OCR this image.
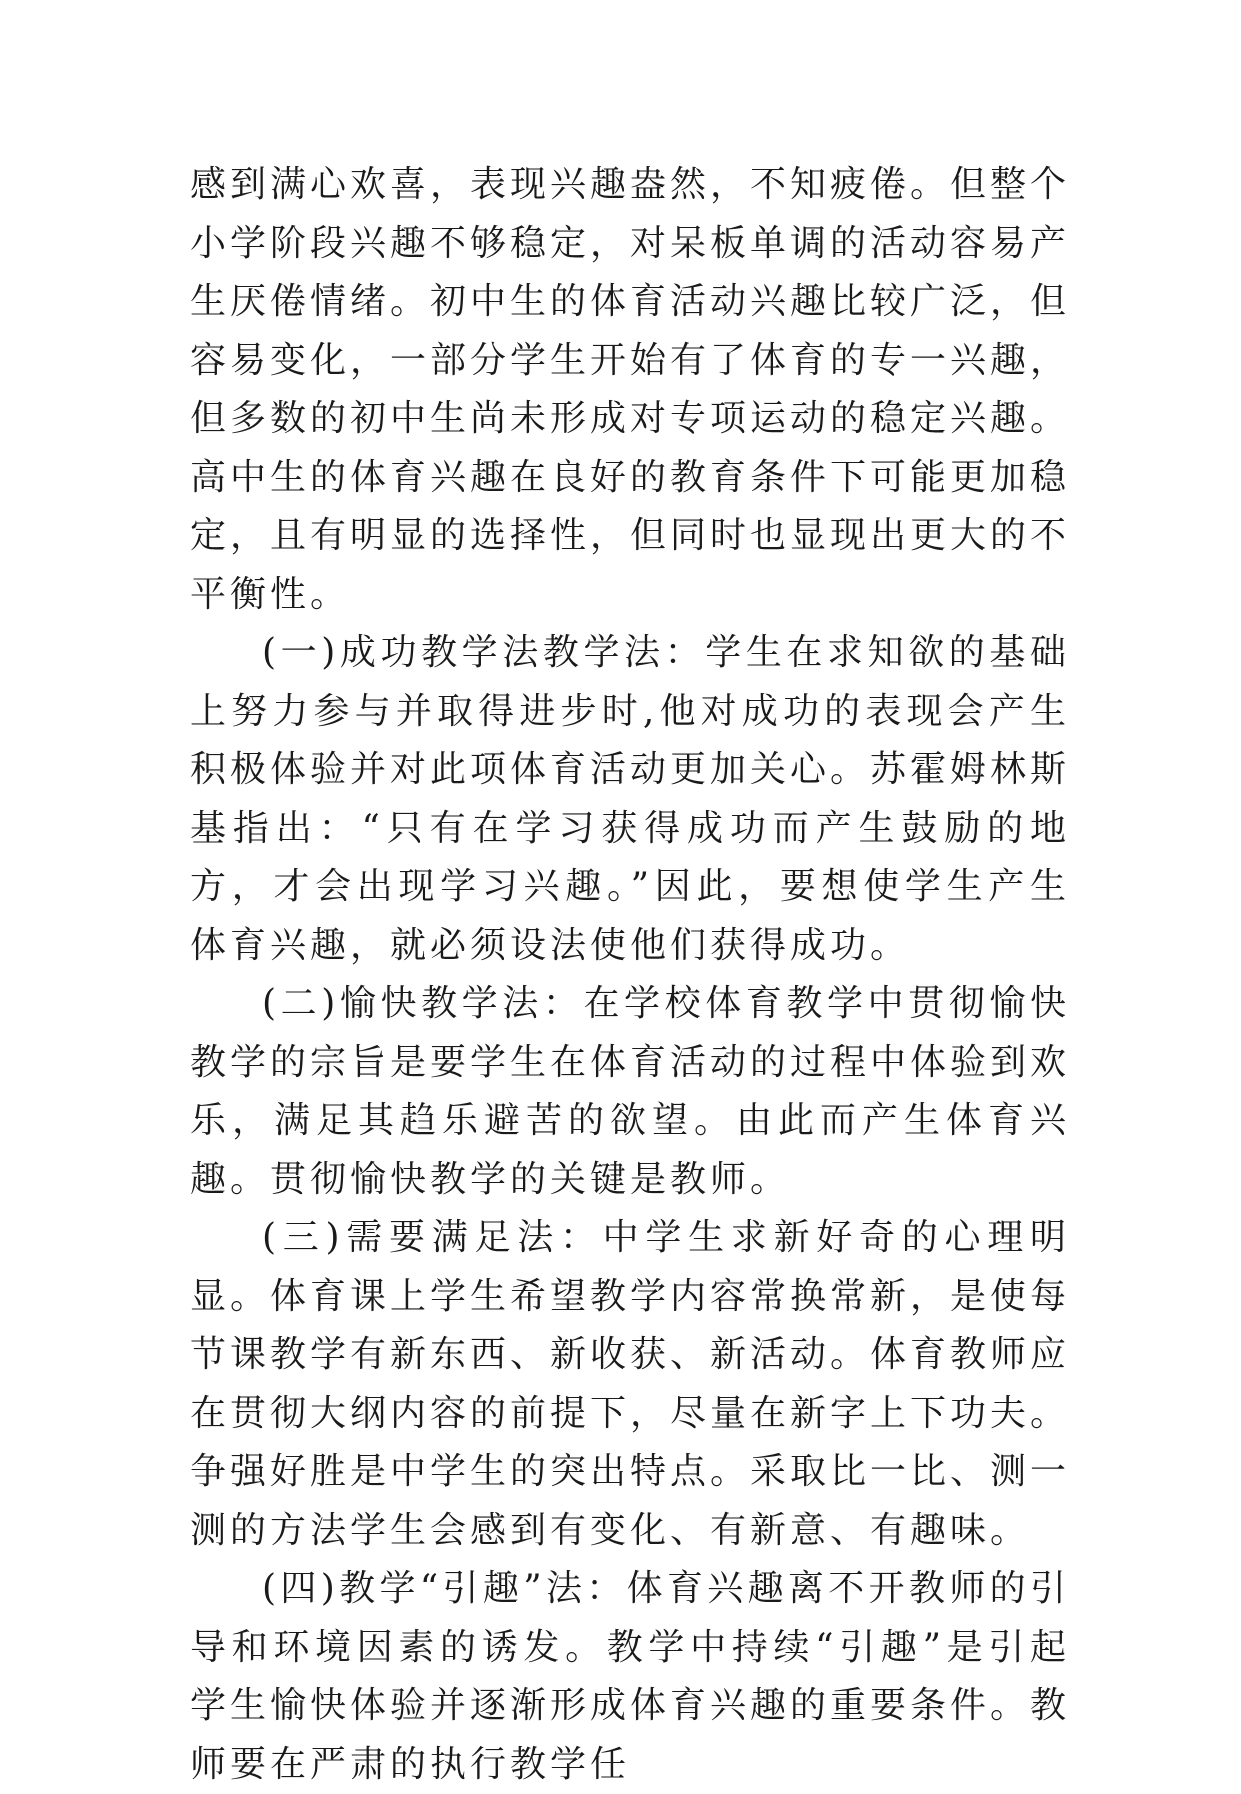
感到满心欢喜，表现兴趣盎然，不知疲倦。但整个小学阶段兴趣不够稳定，对呆板单调的活动容易产生厌倦情绪。初中生的体育活动兴趣比较广泛，但容易变化，一部分学生开始有了体育的专一兴趣，但多数的初中生尚未形成对专项运动的稳定兴趣。高中生的体育兴趣在良好的教育条件下可能更加稳定，且有明显的选择性，但同时也显现出更大的不平衡性。

(一)成功教学法教学法：学生在求知欲的基础上努力参与并取得进步时,他对成功的表现会产生积极体验并对此项体育活动更加关心。苏霍姆林斯基指出：“只有在学习获得成功而产生鼓励的地方，才会出现学习兴趣。”因此，要想使学生产生体育兴趣，就必须设法使他们获得成功。

(二)愉快教学法：在学校体育教学中贯彻愉快教学的宗旨是要学生在体育活动的过程中体验到欢乐，满足其趋乐避苦的欲望。由此而产生体育兴趣。贯彻愉快教学的关键是教师。

(三)需要满足法：中学生求新好奇的心理明显。体育课上学生希望教学内容常换常新，是使每节课教学有新东西、新收获、新活动。体育教师应在贯彻大纲内容的前提下，尽量在新字上下功夫。争强好胜是中学生的突出特点。采取比一比、测一测的方法学生会感到有变化、有新意、有趣味。

(四)教学“引趣”法：体育兴趣离不开教师的引导和环境因素的诱发。教学中持续“引趣”是引起学生愉快体验并逐渐形成体育兴趣的重要条件。教师要在严肃的执行教学任
